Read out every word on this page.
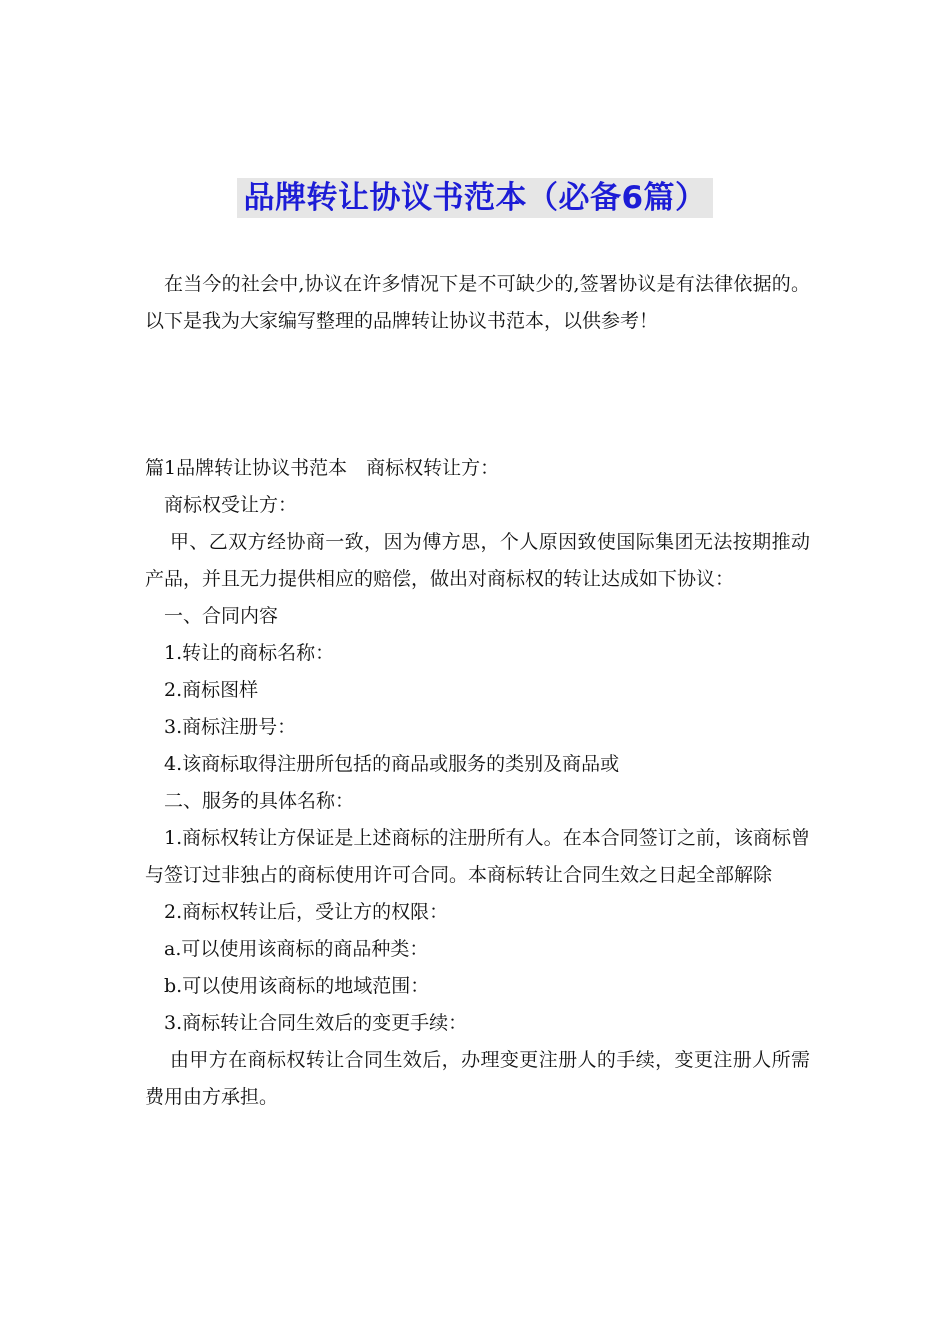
品牌转让协议书范本（必备6篇）

在当今的社会中,协议在许多情况下是不可缺少的,签署协议是有法律依据的。以下是我为大家编写整理的品牌转让协议书范本，以供参考！

篇1品牌转让协议书范本　商标权转让方：

商标权受让方：

甲、乙双方经协商一致，因为傅方思，个人原因致使国际集团无法按期推动产品，并且无力提供相应的赔偿，做出对商标权的转让达成如下协议：

一、合同内容

1.转让的商标名称：

2.商标图样

3.商标注册号：

4.该商标取得注册所包括的商品或服务的类别及商品或

二、服务的具体名称：

1.商标权转让方保证是上述商标的注册所有人。在本合同签订之前，该商标曾与签订过非独占的商标使用许可合同。本商标转让合同生效之日起全部解除

2.商标权转让后，受让方的权限：

a.可以使用该商标的商品种类：

b.可以使用该商标的地域范围：

3.商标转让合同生效后的变更手续：

由甲方在商标权转让合同生效后，办理变更注册人的手续，变更注册人所需费用由方承担。
